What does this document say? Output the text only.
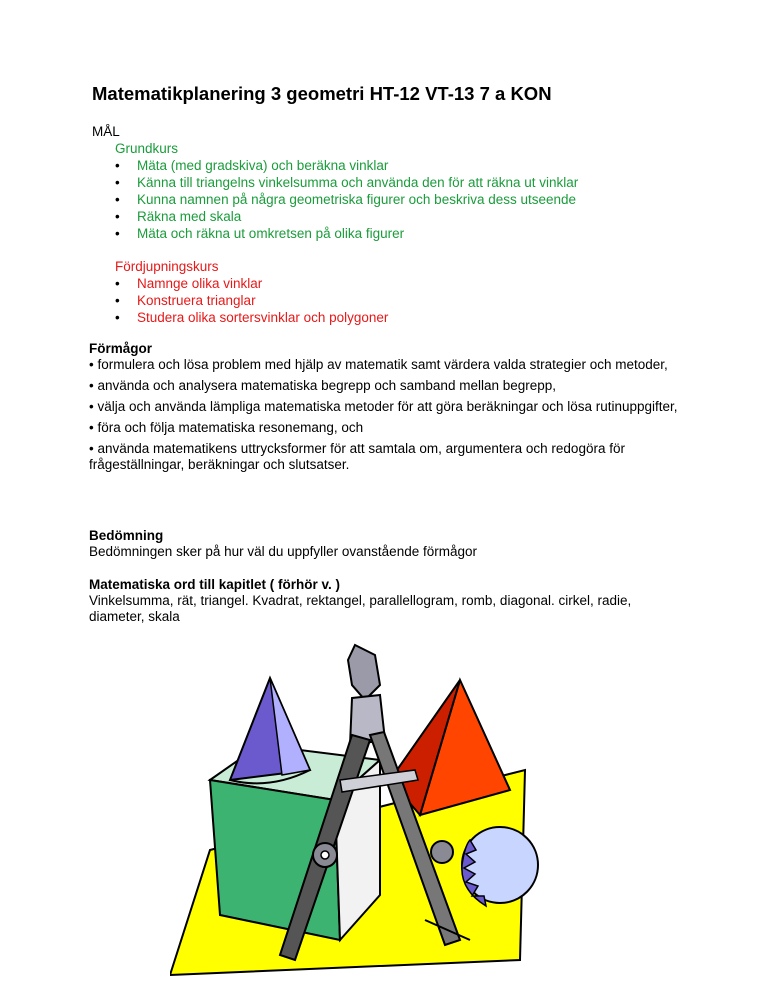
Matematikplanering 3 geometri HT-12 VT-13 7 a KON
MÅL

Grundkurs

• Mäta (med gradskiva) och beräkna vinklar
• Känna till triangelns vinkelsumma och använda den för att räkna ut vinklar
• Kunna namnen på några geometriska figurer och beskriva dess utseende
• Räkna med skala
• Mäta och räkna ut omkretsen på olika figurer

Fördjupningskurs

• Namnge olika vinklar
• Konstruera trianglar
• Studera olika sortersvinklar och polygoner
Förmågor

• formulera och lösa problem med hjälp av matematik samt värdera valda strategier och metoder,

• använda och analysera matematiska begrepp och samband mellan begrepp,

• välja och använda lämpliga matematiska metoder för att göra beräkningar och lösa rutinuppgifter,

• föra och följa matematiska resonemang, och

• använda matematikens uttrycksformer för att samtala om, argumentera och redogöra för frågeställningar, beräkningar och slutsatser.

Bedömning

Bedömningen sker på hur väl du uppfyller ovanstående förmågor

Matematiska ord till kapitlet ( förhör v. )

Vinkelsumma, rät, triangel. Kvadrat, rektangel, parallellogram, romb, diagonal. cirkel, radie, diameter, skala
